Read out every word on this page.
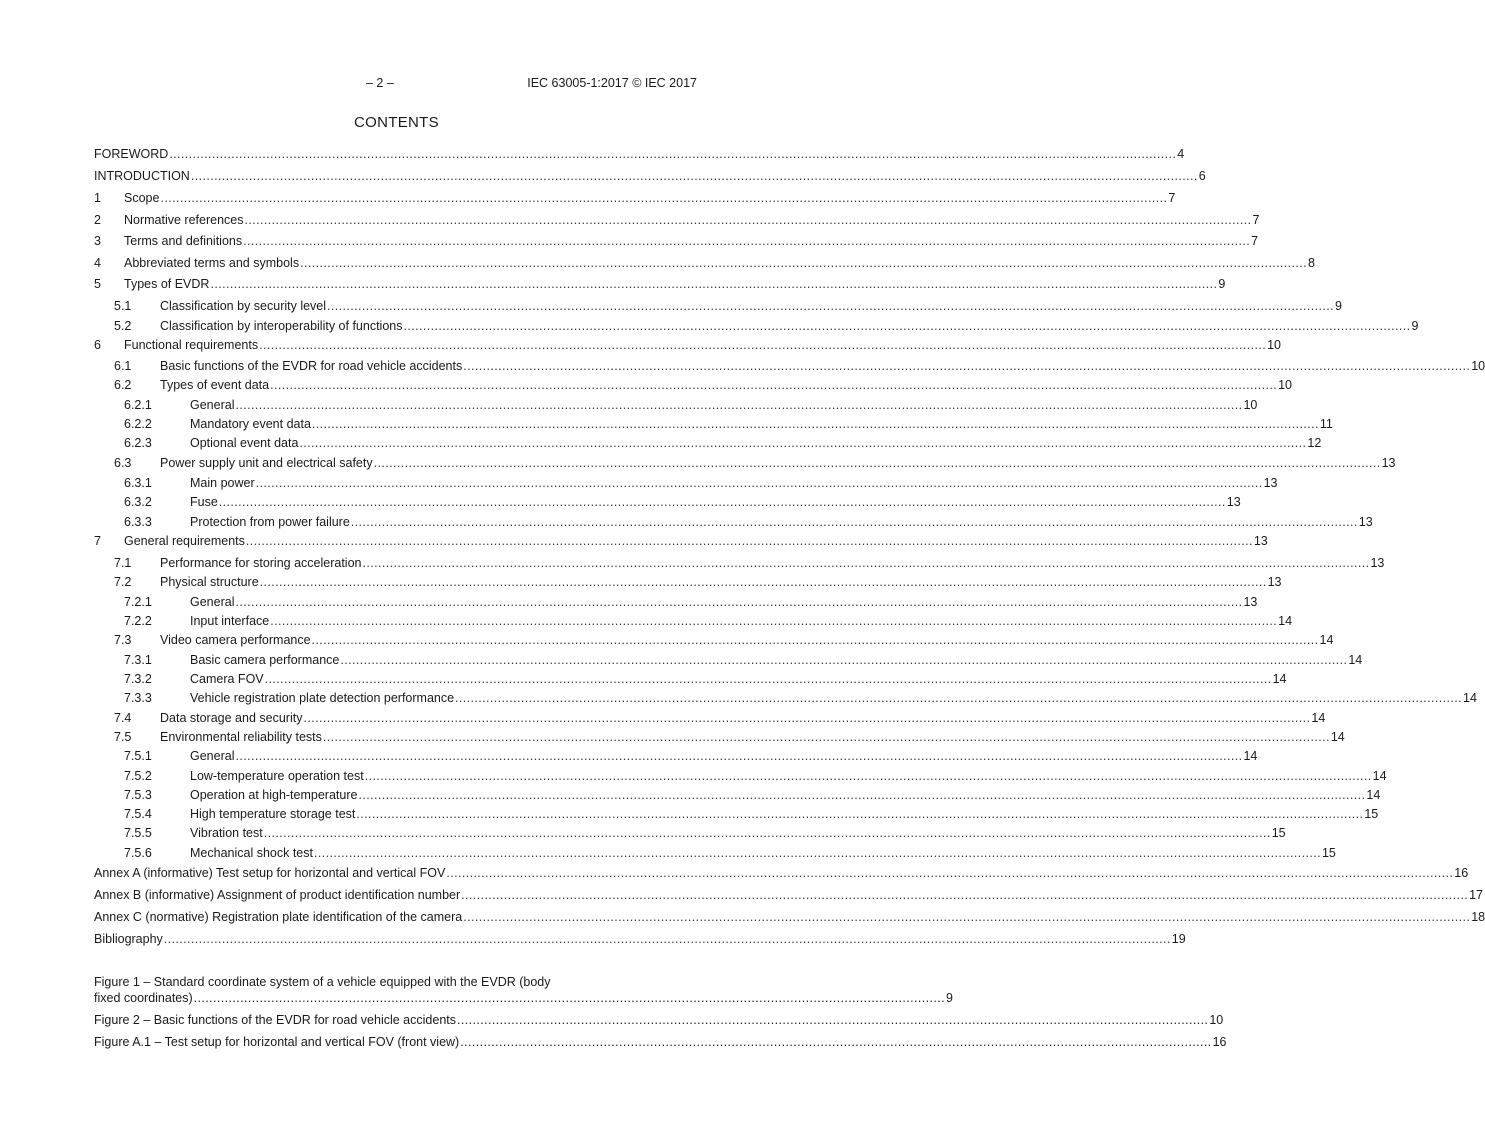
– 2 –	IEC 63005-1:2017 © IEC 2017
CONTENTS
FOREWORD .....	4
INTRODUCTION .....	6
1	Scope .....	7
2	Normative references .....	7
3	Terms and definitions .....	7
4	Abbreviated terms and symbols .....	8
5	Types of EVDR .....	9
5.1	Classification by security level .....	9
5.2	Classification by interoperability of functions .....	9
6	Functional requirements .....	10
6.1	Basic functions of the EVDR for road vehicle accidents .....	10
6.2	Types of event data .....	10
6.2.1	General .....	10
6.2.2	Mandatory event data .....	11
6.2.3	Optional event data .....	12
6.3	Power supply unit and electrical safety .....	13
6.3.1	Main power .....	13
6.3.2	Fuse .....	13
6.3.3	Protection from power failure .....	13
7	General requirements .....	13
7.1	Performance for storing acceleration .....	13
7.2	Physical structure .....	13
7.2.1	General .....	13
7.2.2	Input interface .....	14
7.3	Video camera performance .....	14
7.3.1	Basic camera performance .....	14
7.3.2	Camera FOV .....	14
7.3.3	Vehicle registration plate detection performance .....	14
7.4	Data storage and security .....	14
7.5	Environmental reliability tests .....	14
7.5.1	General .....	14
7.5.2	Low-temperature operation test .....	14
7.5.3	Operation at high-temperature .....	14
7.5.4	High temperature storage test .....	15
7.5.5	Vibration test .....	15
7.5.6	Mechanical shock test .....	15
Annex A (informative) Test setup for horizontal and vertical FOV .....	16
Annex B (informative) Assignment of product identification number .....	17
Annex C (normative) Registration plate identification of the camera .....	18
Bibliography .....	19
Figure 1 – Standard coordinate system of a vehicle equipped with the EVDR (body
fixed coordinates) .................................................................................................................................................................................................. 9
Figure 2 – Basic functions of the EVDR for road vehicle accidents .................................................................................................................................................................................................. 10
Figure A.1 – Test setup for horizontal and vertical FOV (front view) .................................................................................................................................................................................................. 16
